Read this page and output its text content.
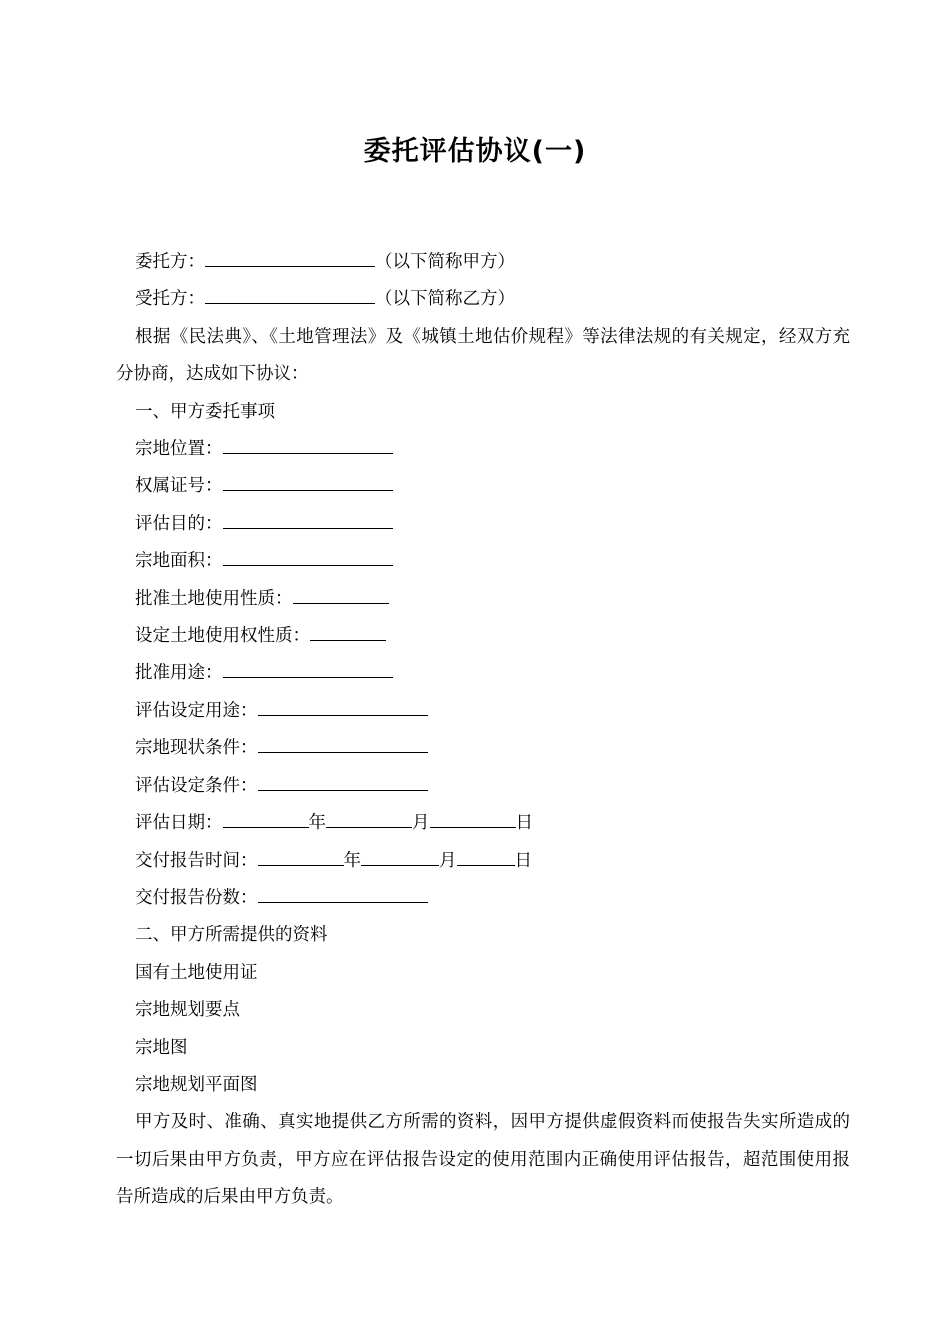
委托评估协议(一)
委托方：	（以下简称甲方）
受托方：	（以下简称乙方）
根据《民法典》、《土地管理法》及《城镇土地估价规程》等法律法规的有关规定，经双方充分协商，达成如下协议：
一、甲方委托事项
宗地位置：
权属证号：
评估目的：
宗地面积：
批准土地使用性质：
设定土地使用权性质：
批准用途：
评估设定用途：
宗地现状条件：
评估设定条件：
评估日期：	年	月	日
交付报告时间：	年	月	日
交付报告份数：
二、甲方所需提供的资料
国有土地使用证
宗地规划要点
宗地图
宗地规划平面图
甲方及时、准确、真实地提供乙方所需的资料，因甲方提供虚假资料而使报告失实所造成的一切后果由甲方负责，甲方应在评估报告设定的使用范围内正确使用评估报告，超范围使用报告所造成的后果由甲方负责。
